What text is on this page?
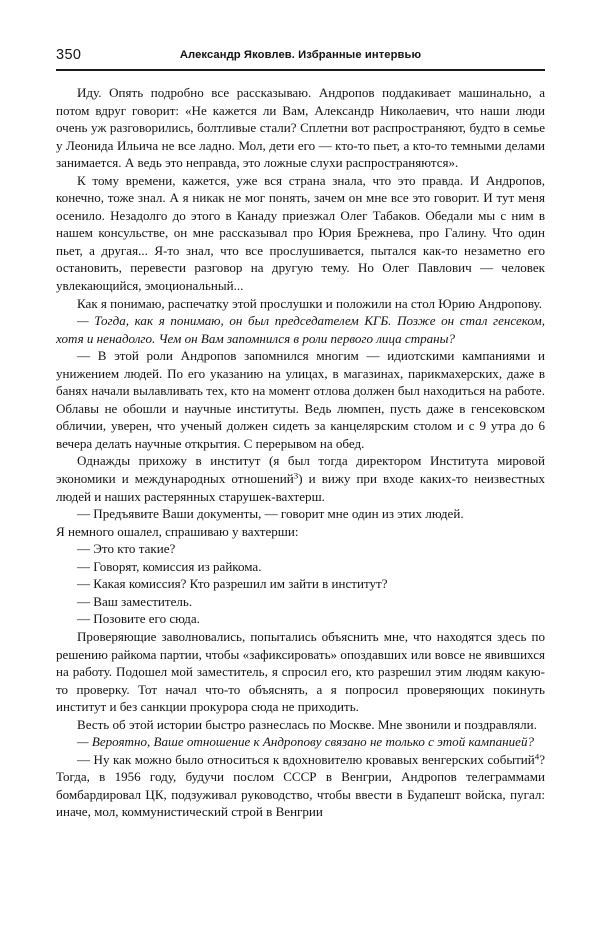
350	Александр Яковлев. Избранные интервью

Иду. Опять подробно все рассказываю. Андропов поддакивает машинально, а потом вдруг говорит: «Не кажется ли Вам, Александр Николаевич, что наши люди очень уж разговорились, болтливые стали? Сплетни вот распространяют, будто в семье у Леонида Ильича не все ладно. Мол, дети его — кто-то пьет, а кто-то темными делами занимается. А ведь это неправда, это ложные слухи распространяются».

К тому времени, кажется, уже вся страна знала, что это правда. И Андропов, конечно, тоже знал. А я никак не мог понять, зачем он мне все это говорит. И тут меня осенило. Незадолго до этого в Канаду приезжал Олег Табаков. Обедали мы с ним в нашем консульстве, он мне рассказывал про Юрия Брежнева, про Галину. Что один пьет, а другая... Я-то знал, что все прослушивается, пытался как-то незаметно его остановить, перевести разговор на другую тему. Но Олег Павлович — человек увлекающийся, эмоциональный...

Как я понимаю, распечатку этой прослушки и положили на стол Юрию Андропову.

— Тогда, как я понимаю, он был председателем КГБ. Позже он стал генсеком, хотя и ненадолго. Чем он Вам запомнился в роли первого лица страны?

— В этой роли Андропов запомнился многим — идиотскими кампаниями и унижением людей. По его указанию на улицах, в магазинах, парикмахерских, даже в банях начали вылавливать тех, кто на момент отлова должен был находиться на работе. Облавы не обошли и научные институты. Ведь люмпен, пусть даже в генсековском обличии, уверен, что ученый должен сидеть за канцелярским столом и с 9 утра до 6 вечера делать научные открытия. С перерывом на обед.

Однажды прихожу в институт (я был тогда директором Института мировой экономики и международных отношений$^3$) и вижу при входе каких-то неизвестных людей и наших растерянных старушек-вахтерш.

— Предъявите Ваши документы, — говорит мне один из этих людей.

Я немного ошалел, спрашиваю у вахтерши:

— Это кто такие?

— Говорят, комиссия из райкома.

— Какая комиссия? Кто разрешил им зайти в институт?

— Ваш заместитель.

— Позовите его сюда.

Проверяющие заволновались, попытались объяснить мне, что находятся здесь по решению райкома партии, чтобы «зафиксировать» опоздавших или вовсе не явившихся на работу. Подошел мой заместитель, я спросил его, кто разрешил этим людям какую-то проверку. Тот начал что-то объяснять, а я попросил проверяющих покинуть институт и без санкции прокурора сюда не приходить.

Весть об этой истории быстро разнеслась по Москве. Мне звонили и поздравляли.

— Вероятно, Ваше отношение к Андропову связано не только с этой кампанией?

— Ну как можно было относиться к вдохновителю кровавых венгерских событий$^4$? Тогда, в 1956 году, будучи послом СССР в Венгрии, Андропов телеграммами бомбардировал ЦК, подзуживал руководство, чтобы ввести в Будапешт войска, пугал: иначе, мол, коммунистический строй в Венгрии
